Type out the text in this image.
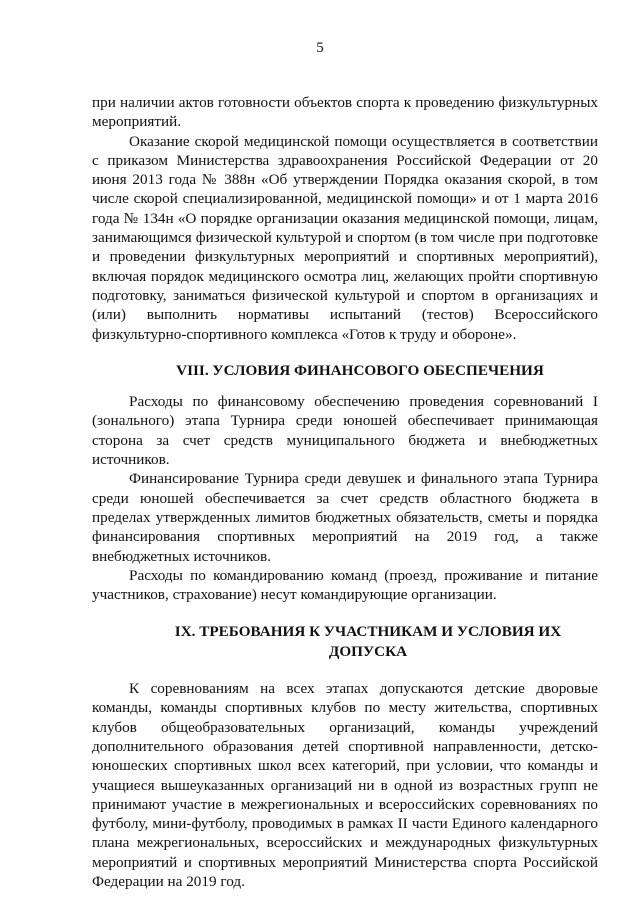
5

при наличии актов готовности объектов спорта к проведению физкультурных мероприятий.

Оказание скорой медицинской помощи осуществляется в соответствии с приказом Министерства здравоохранения Российской Федерации от 20 июня 2013 года № 388н «Об утверждении Порядка оказания скорой, в том числе скорой специализированной, медицинской помощи» и от 1 марта 2016 года № 134н «О порядке организации оказания медицинской помощи, лицам, занимающимся физической культурой и спортом (в том числе при подготовке и проведении физкультурных мероприятий и спортивных мероприятий), включая порядок медицинского осмотра лиц, желающих пройти спортивную подготовку, заниматься физической культурой и спортом в организациях и (или) выполнить нормативы испытаний (тестов) Всероссийского физкультурно-спортивного комплекса «Готов к труду и обороне».

VIII. УСЛОВИЯ ФИНАНСОВОГО ОБЕСПЕЧЕНИЯ

Расходы по финансовому обеспечению проведения соревнований I (зонального) этапа Турнира среди юношей обеспечивает принимающая сторона за счет средств муниципального бюджета и внебюджетных источников.

Финансирование Турнира среди девушек и финального этапа Турнира среди юношей обеспечивается за счет средств областного бюджета в пределах утвержденных лимитов бюджетных обязательств, сметы и порядка финансирования спортивных мероприятий на 2019 год, а также внебюджетных источников.

Расходы по командированию команд (проезд, проживание и питание участников, страхование) несут командирующие организации.

IX. ТРЕБОВАНИЯ К УЧАСТНИКАМ И УСЛОВИЯ ИХ ДОПУСКА

К соревнованиям на всех этапах допускаются детские дворовые команды, команды спортивных клубов по месту жительства, спортивных клубов общеобразовательных организаций, команды учреждений дополнительного образования детей спортивной направленности, детско-юношеских спортивных школ всех категорий, при условии, что команды и учащиеся вышеуказанных организаций ни в одной из возрастных групп не принимают участие в межрегиональных и всероссийских соревнованиях по футболу, мини-футболу, проводимых в рамках II части Единого календарного плана межрегиональных, всероссийских и международных физкультурных мероприятий и спортивных мероприятий Министерства спорта Российской Федерации на 2019 год.
